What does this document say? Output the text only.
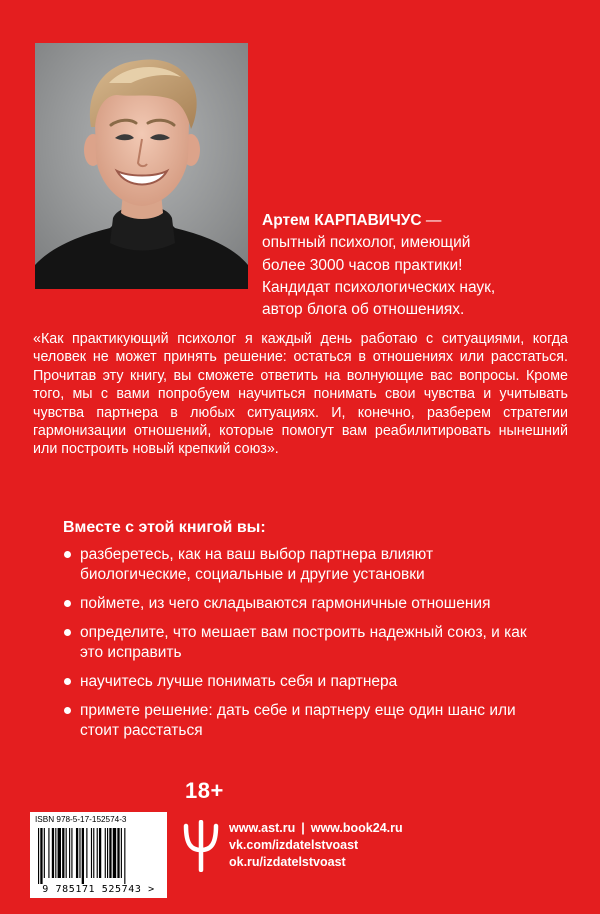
Артем КАРПАВИЧУС —
опытный психолог, имеющий
более 3000 часов практики!
Кандидат психологических наук,
автор блога об отношениях.
«Как практикующий психолог я каждый день работаю с ситуациями, когда человек не может принять решение: остаться в отношениях или расстаться. Прочитав эту книгу, вы сможете ответить на волнующие вас вопросы. Кроме того, мы с вами попробуем научиться понимать свои чувства и учитывать чувства партнера в любых ситуациях. И, конечно, разберем стратегии гармонизации отношений, которые помогут вам реабилитировать нынешний или построить новый крепкий союз».
Вместе с этой книгой вы:
разберетесь, как на ваш выбор партнера влияют биологические, социальные и другие установки
поймете, из чего складываются гармоничные отношения
определите, что мешает вам построить надежный союз, и как это исправить
научитесь лучше понимать себя и партнера
примете решение: дать себе и партнеру еще один шанс или стоит расстаться
18+
ISBN 978-5-17-152574-3
9 785171 525743 >
www.ast.ru | www.book24.ru
vk.com/izdatelstvoast
ok.ru/izdatelstvoast
